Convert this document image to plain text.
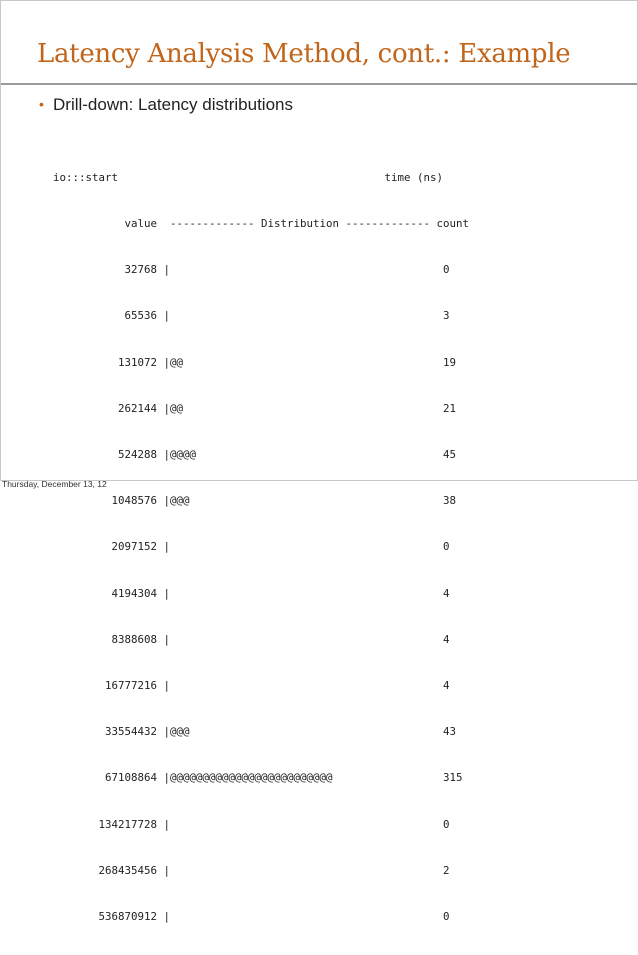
Latency Analysis Method, cont.: Example
• Drill-down: Latency distributions

io:::start                                         time (ns)

value  ------------- Distribution ------------- count

32768 |                                          0

65536 |                                          3

131072 |@@                                        19

262144 |@@                                        21

524288 |@@@@                                      45

1048576 |@@@                                       38

2097152 |                                          0

4194304 |                                          4

8388608 |                                          4

16777216 |                                          4

33554432 |@@@                                       43

67108864 |@@@@@@@@@@@@@@@@@@@@@@@@@                 315

134217728 |                                          0

268435456 |                                          2

536870912 |                                          0

Thursday, December 13, 12
